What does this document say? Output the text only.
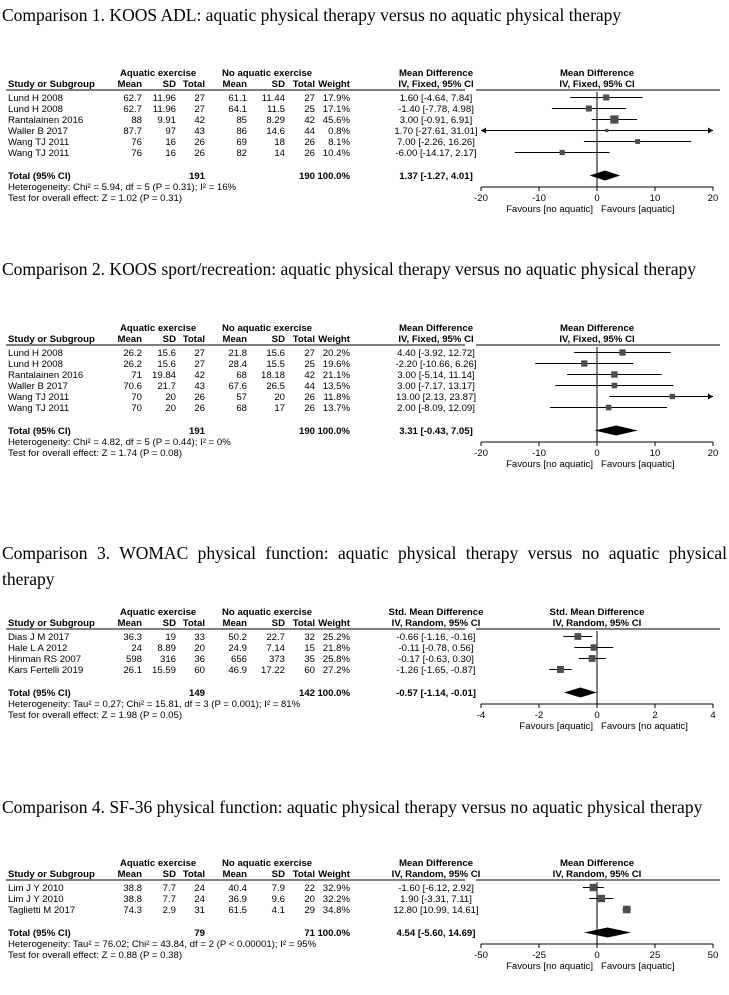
Comparison 1. KOOS ADL: aquatic physical therapy versus no aquatic physical therapy
Aquatic exercise	No aquatic exercise	Mean Difference	Mean Difference
Study or Subgroup Mean SD Total Mean	SD Total Weight	IV, Fixed, 95% CI	IV, Fixed, 95% CI
Lund H 2008	62.7 11.96 27 61.1 11.44 27 17.9%	1.60 [-4.64, 7.84]
Lund H 2008	62.7 11.96 27 64.1 11.5 25 17.1%	-1.40 [-7.78, 4.98]
Rantalainen 2016	88 9.91 42	85 8.29 42 45.6%	3.00 [-0.91, 6.91]
Waller B 2017	87.7 97 43	86 14.6 44 0.8%	1.70 [-27.61, 31.01]
Wang TJ 2011	76 16 26	69	18 26 8.1%	7.00 [-2.26, 16.26]
Wang TJ 2011	76 16 26	82	14 26 10.4%	-6.00 [-14.17, 2.17]
Total (95% CI)	191	190 100.0%	1.37 [-1.27, 4.01]
-20	-10	0	10	20
Favours [no aquatic] Favours [aquatic]
Heterogeneity: Chi² = 5.94, df = 5 (P = 0.31); I² = 16%
Test for overall effect: Z = 1.02 (P = 0.31)
Comparison 2. KOOS sport/recreation: aquatic physical therapy versus no aquatic physical therapy
Aquatic exercise	No aquatic exercise	Mean Difference	Mean Difference
Study or Subgroup Mean SD Total Mean	SD Total Weight	IV, Fixed, 95% CI	IV, Fixed, 95% CI
Lund H 2008	26.2 15.6 27 21.8 15.6 27 20.2%	4.40 [-3.92, 12.72]
Lund H 2008	26.2 15.6 27 28.4 15.5 25 19.6%	-2.20 [-10.66, 6.26]
Rantalainen 2016	71 19.84 42	68 18.18 42 21.1%	3.00 [-5.14, 11.14]
Waller B 2017	70.6 21.7 43 67.6 26.5 44 13.5%	3.00 [-7.17, 13.17]
Wang TJ 2011	70 20 26	57	20 26 11.8%	13.00 [2.13, 23.87]
Wang TJ 2011	70 20 26	68	17 26 13.7%	2.00 [-8.09, 12.09]
Total (95% CI)	191	190 100.0%	3.31 [-0.43, 7.05]
-20	-10	0	10	20
Favours [no aquatic] Favours [aquatic]
Heterogeneity: Chi² = 4.82, df = 5 (P = 0.44); I² = 0%
Test for overall effect: Z = 1.74 (P = 0.08)
Comparison 3. WOMAC physical function: aquatic physical therapy versus no aquatic physical therapy
Aquatic exercise	No aquatic exercise	Std. Mean Difference	Std. Mean Difference
Study or Subgroup Mean SD Total Mean	SD Total Weight	IV, Random, 95% CI	IV, Random, 95% CI
Dias J M 2017	36.3 19 33 50.2 22.7 32 25.2%	-0.66 [-1.16, -0.16]
Hale L A 2012	24 8.89 20 24.9 7.14 15 21.8%	-0.11 [-0.78, 0.56]
Hinman RS 2007	598 316 36	656 373 35 25.8%	-0.17 [-0.63, 0.30]
Kars Fertelli 2019	26.1 15.59 60 46.9 17.22 60 27.2%	-1.26 [-1.65, -0.87]
Total (95% CI)	149	142 100.0%	-0.57 [-1.14, -0.01]
-4	-2	0	2	4
Favours [aquatic] Favours [no aquatic]
Heterogeneity: Tau² = 0.27; Chi² = 15.81, df = 3 (P = 0.001); I² = 81%
Test for overall effect: Z = 1.98 (P = 0.05)
Comparison 4. SF-36 physical function: aquatic physical therapy versus no aquatic physical therapy
Aquatic exercise	No aquatic exercise	Mean Difference	Mean Difference
Study or Subgroup Mean SD Total Mean	SD Total Weight	IV, Random, 95% CI	IV, Random, 95% CI
Lim J Y 2010	38.8 7.7 24 40.4	7.9 22 32.9%	-1.60 [-6.12, 2.92]
Lim J Y 2010	38.8 7.7 24 36.9	9.6 20 32.2%	1.90 [-3.31, 7.11]
Taglietti M 2017	74.3 2.9 31 61.5	4.1 29 34.8%	12.80 [10.99, 14.61]
Total (95% CI)	79	71 100.0%	4.54 [-5.60, 14.69]
-50	-25	0	25	50
Favours [no aquatic] Favours [aquatic]
Heterogeneity: Tau² = 76.02; Chi² = 43.84, df = 2 (P < 0.00001); I² = 95%
Test for overall effect: Z = 0.88 (P = 0.38)
